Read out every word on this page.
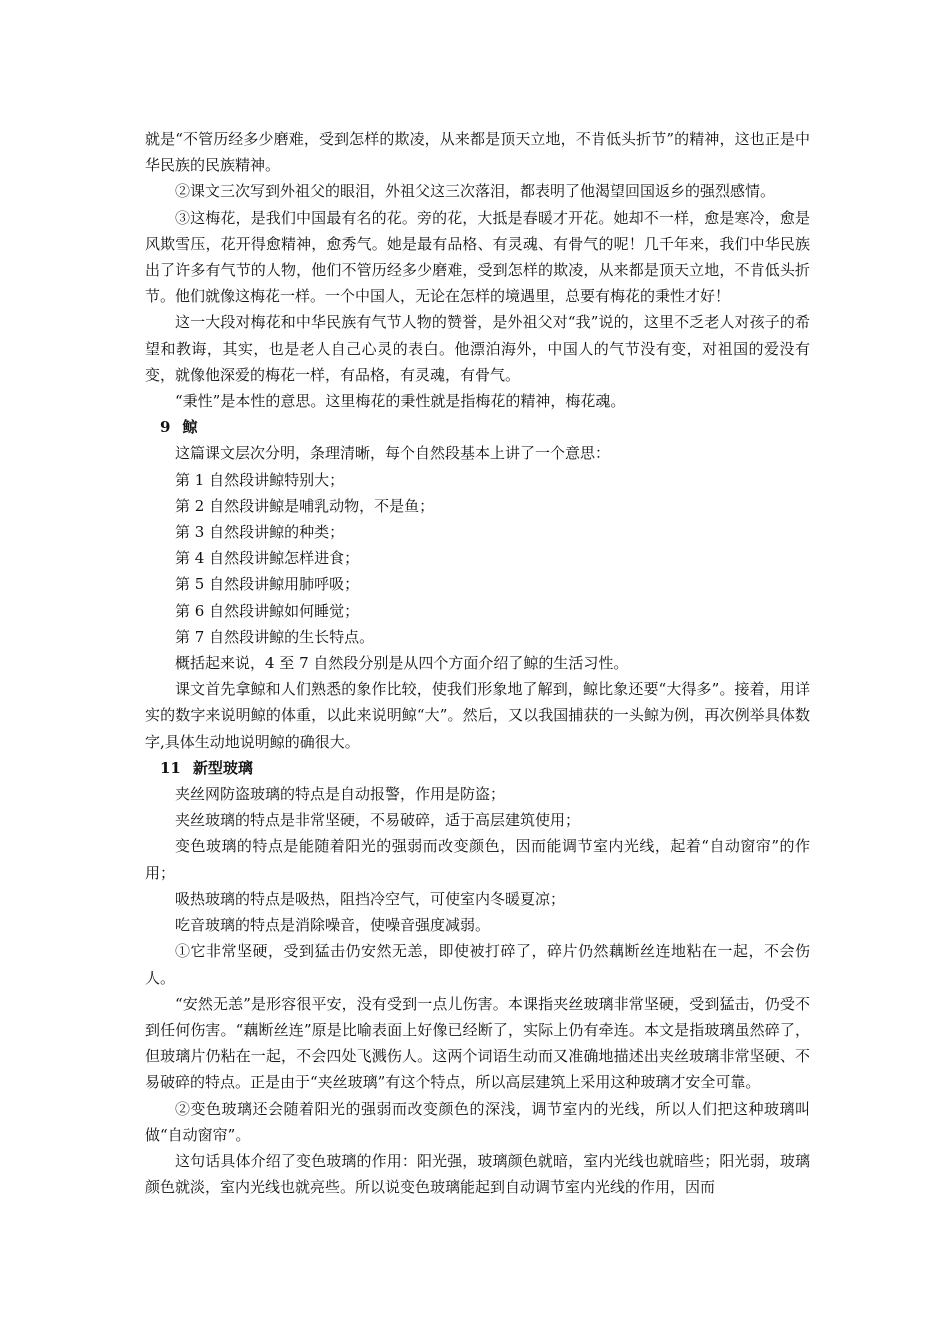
就是“不管历经多少磨难，受到怎样的欺凌，从来都是顶天立地，不肯低头折节”的精神，这也正是中华民族的民族精神。

②课文三次写到外祖父的眼泪，外祖父这三次落泪，都表明了他渴望回国返乡的强烈感情。

③这梅花，是我们中国最有名的花。旁的花，大抵是春暖才开花。她却不一样，愈是寒冷，愈是风欺雪压，花开得愈精神，愈秀气。她是最有品格、有灵魂、有骨气的呢！几千年来，我们中华民族出了许多有气节的人物，他们不管历经多少磨难，受到怎样的欺凌，从来都是顶天立地，不肯低头折节。他们就像这梅花一样。一个中国人，无论在怎样的境遇里，总要有梅花的秉性才好！

这一大段对梅花和中华民族有气节人物的赞誉，是外祖父对“我”说的，这里不乏老人对孩子的希望和教诲，其实，也是老人自己心灵的表白。他漂泊海外，中国人的气节没有变，对祖国的爱没有变，就像他深爱的梅花一样，有品格，有灵魂，有骨气。

“秉性”是本性的意思。这里梅花的秉性就是指梅花的精神，梅花魂。

9 鲸

这篇课文层次分明，条理清晰，每个自然段基本上讲了一个意思：

第 1 自然段讲鲸特别大；

第 2 自然段讲鲸是哺乳动物，不是鱼；

第 3 自然段讲鲸的种类；

第 4 自然段讲鲸怎样进食；

第 5 自然段讲鲸用肺呼吸；

第 6 自然段讲鲸如何睡觉；

第 7 自然段讲鲸的生长特点。

概括起来说，4 至 7 自然段分别是从四个方面介绍了鲸的生活习性。

课文首先拿鲸和人们熟悉的象作比较，使我们形象地了解到，鲸比象还要“大得多”。接着，用详实的数字来说明鲸的体重，以此来说明鲸“大”。然后，又以我国捕获的一头鲸为例，再次例举具体数字,具体生动地说明鲸的确很大。

11 新型玻璃

夹丝网防盗玻璃的特点是自动报警，作用是防盗；

夹丝玻璃的特点是非常坚硬，不易破碎，适于高层建筑使用；

变色玻璃的特点是能随着阳光的强弱而改变颜色，因而能调节室内光线，起着“自动窗帘”的作用；

吸热玻璃的特点是吸热，阻挡冷空气，可使室内冬暖夏凉；

吃音玻璃的特点是消除噪音，使噪音强度减弱。

①它非常坚硬，受到猛击仍安然无恙，即使被打碎了，碎片仍然藕断丝连地粘在一起，不会伤人。

“安然无恙”是形容很平安，没有受到一点儿伤害。本课指夹丝玻璃非常坚硬，受到猛击，仍受不到任何伤害。“藕断丝连”原是比喻表面上好像已经断了，实际上仍有牵连。本文是指玻璃虽然碎了，但玻璃片仍粘在一起，不会四处飞溅伤人。这两个词语生动而又准确地描述出夹丝玻璃非常坚硬、不易破碎的特点。正是由于“夹丝玻璃”有这个特点，所以高层建筑上采用这种玻璃才安全可靠。

②变色玻璃还会随着阳光的强弱而改变颜色的深浅，调节室内的光线，所以人们把这种玻璃叫做“自动窗帘”。

这句话具体介绍了变色玻璃的作用：阳光强，玻璃颜色就暗，室内光线也就暗些；阳光弱，玻璃颜色就淡，室内光线也就亮些。所以说变色玻璃能起到自动调节室内光线的作用，因而
